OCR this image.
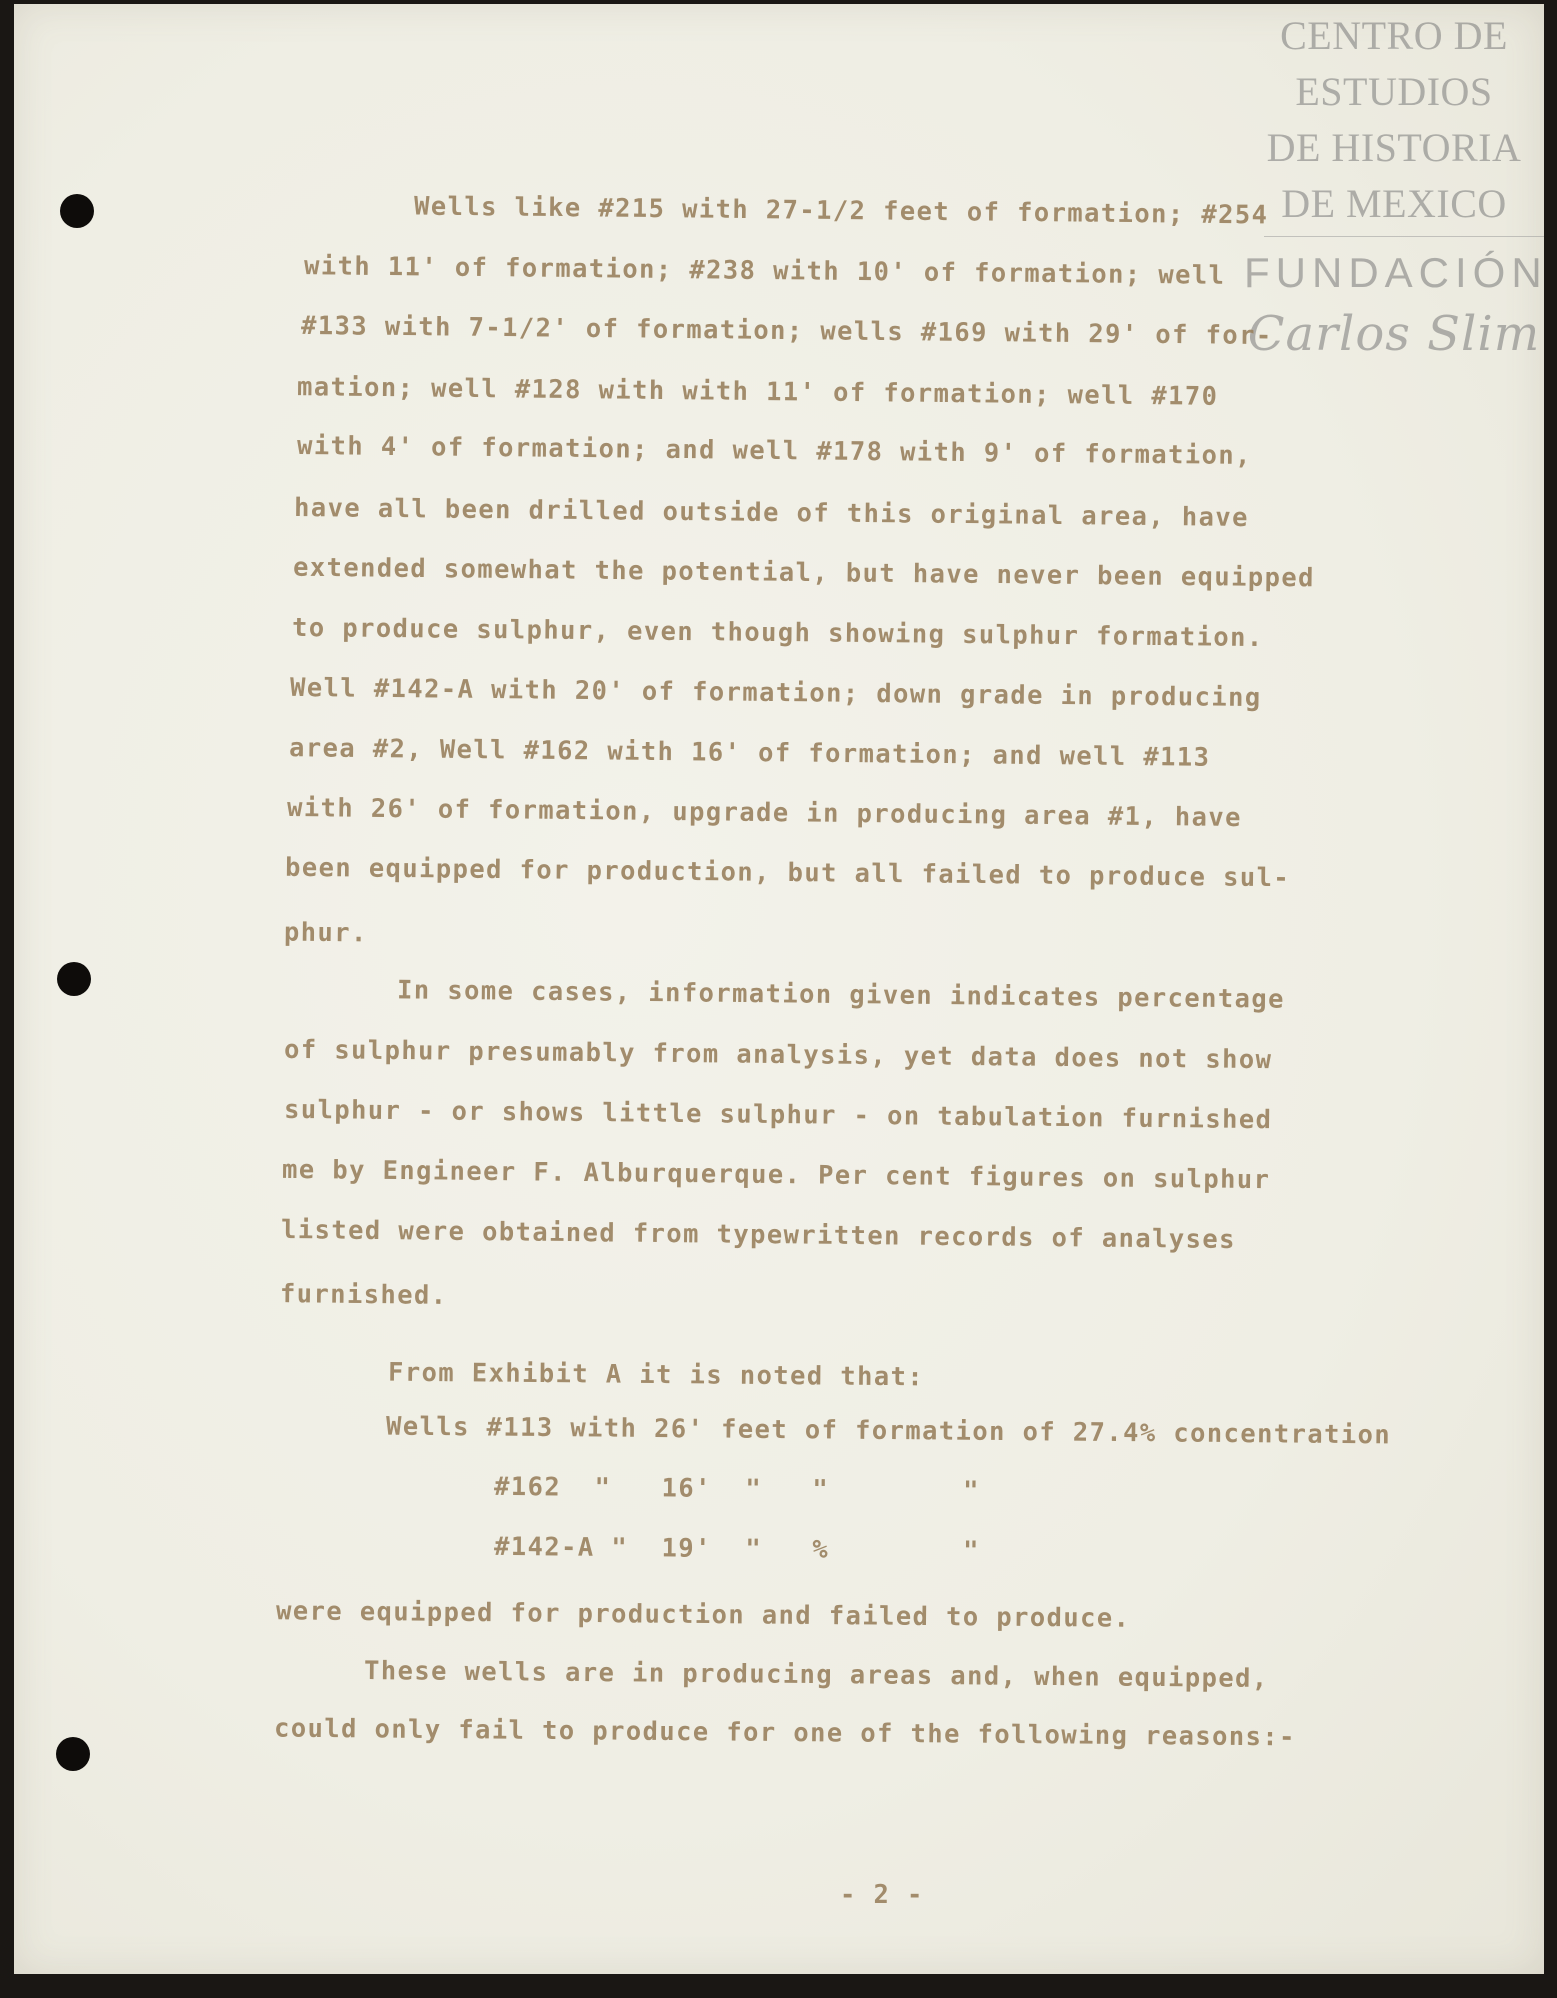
CENTRO DE
ESTUDIOS
DE HISTORIA
DE MEXICO
FUNDACIÓN
Carlos Slim
Wells like #215 with 27-1/2 feet of formation; #254
with 11' of formation; #238 with 10' of formation; well
#133 with 7-1/2' of formation; wells #169 with 29' of for-
mation; well #128 with with 11' of formation; well #170
with 4' of formation; and well #178 with 9' of formation,
have all been drilled outside of this original area, have
extended somewhat the potential, but have never been equipped
to produce sulphur, even though showing sulphur formation.
Well #142-A with 20' of formation; down grade in producing
area #2, Well #162 with 16' of formation; and well #113
with 26' of formation, upgrade in producing area #1, have
been equipped for production, but all failed to produce sul-
phur.
In some cases, information given indicates percentage
of sulphur presumably from analysis, yet data does not show
sulphur - or shows little sulphur - on tabulation furnished
me by Engineer F. Alburquerque. Per cent figures on sulphur
listed were obtained from typewritten records of analyses
furnished.
From Exhibit A it is noted that:
Wells #113 with 26' feet of formation of 27.4% concentration
#162  "   16'  "   "        "
#142-A "  19'  "   %        "
were equipped for production and failed to produce.
These wells are in producing areas and, when equipped,
could only fail to produce for one of the following reasons:-
- 2 -
